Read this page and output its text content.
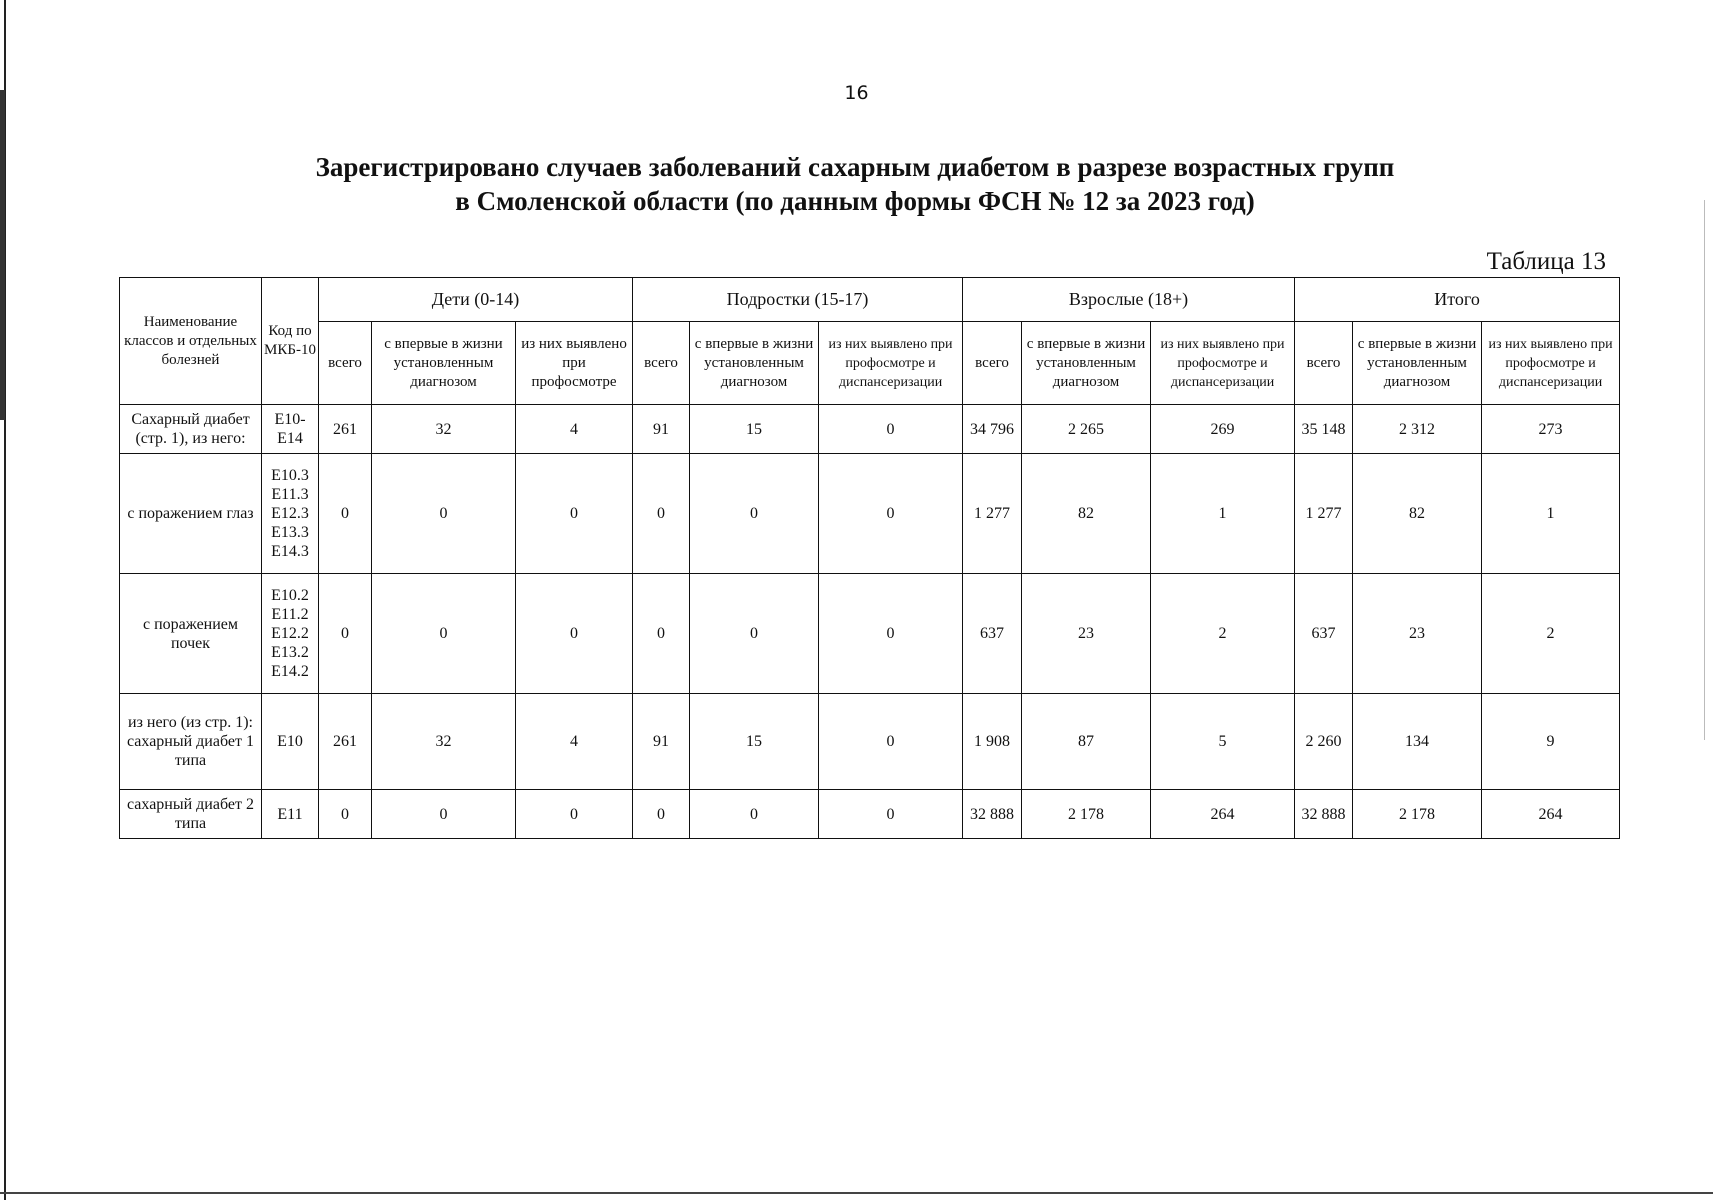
16
Зарегистрировано случаев заболеваний сахарным диабетом в разрезе возрастных групп
в Смоленской области (по данным формы ФСН № 12 за 2023 год)
Таблица 13
Наименование классов и отдельных болезней	Код по МКБ-10	Дети (0-14)			Подростки (15-17)			Взрослые (18+)			Итого		
		всего	с впервые в жизни установленным диагнозом	из них выявлено при профосмотре	всего	с впервые в жизни установленным диагнозом	из них выявлено при профосмотре и диспансеризации	всего	с впервые в жизни установленным диагнозом	из них выявлено при профосмотре и диспансеризации	всего	с впервые в жизни установленным диагнозом	из них выявлено при профосмотре и диспансеризации
Сахарный диабет (стр. 1), из него:	E10-
E14	261	32	4	91	15	0	34 796	2 265	269	35 148	2 312	273
с поражением глаз	E10.3
E11.3
E12.3
E13.3
E14.3	0	0	0	0	0	0	1 277	82	1	1 277	82	1
с поражением почек	E10.2
E11.2
E12.2
E13.2
E14.2	0	0	0	0	0	0	637	23	2	637	23	2
из него (из стр. 1): сахарный диабет 1 типа	E10	261	32	4	91	15	0	1 908	87	5	2 260	134	9
сахарный диабет 2 типа	E11	0	0	0	0	0	0	32 888	2 178	264	32 888	2 178	264
